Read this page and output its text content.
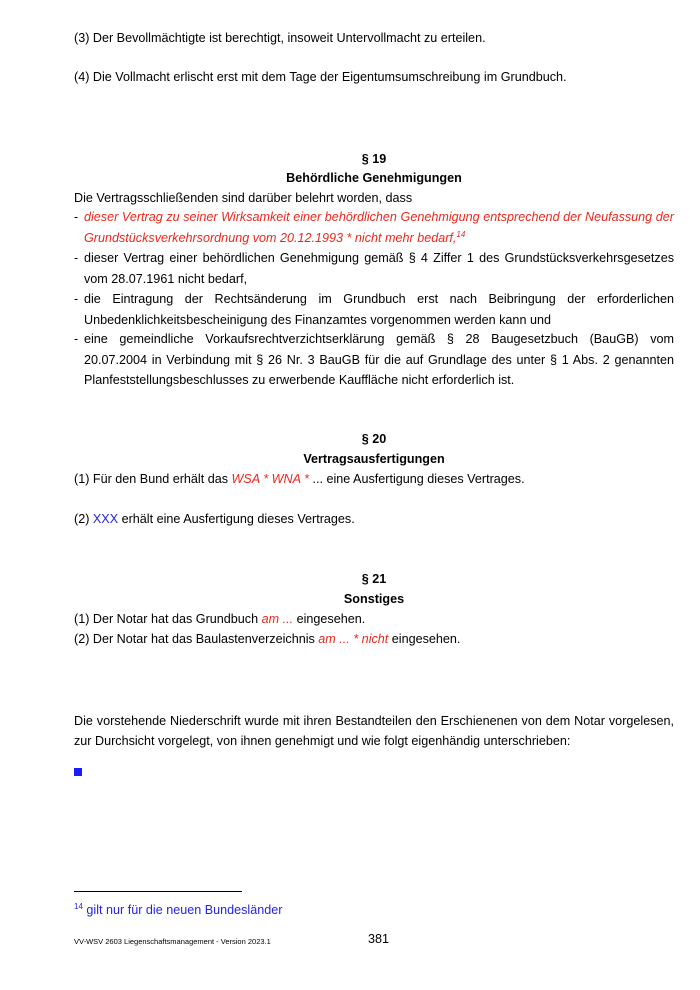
(3) Der Bevollmächtigte ist berechtigt, insoweit Untervollmacht zu erteilen.
(4) Die Vollmacht erlischt erst mit dem Tage der Eigentumsumschreibung im Grundbuch.
§ 19
Behördliche Genehmigungen
Die Vertragsschließenden sind darüber belehrt worden, dass
- dieser Vertrag zu seiner Wirksamkeit einer behördlichen Genehmigung entsprechend der Neufassung der Grundstücksverkehrsordnung vom 20.12.1993 * nicht mehr bedarf,$^{14}$
- dieser Vertrag einer behördlichen Genehmigung gemäß § 4 Ziffer 1 des Grundstücksverkehrsgesetzes vom 28.07.1961 nicht bedarf,
- die Eintragung der Rechtsänderung im Grundbuch erst nach Beibringung der erforderlichen Unbedenklichkeitsbescheinigung des Finanzamtes vorgenommen werden kann und
- eine gemeindliche Vorkaufsrechtverzichtserklärung gemäß § 28 Baugesetzbuch (BauGB) vom 20.07.2004 in Verbindung mit § 26 Nr. 3 BauGB für die auf Grundlage des unter § 1 Abs. 2 genannten Planfeststellungsbeschlusses zu erwerbende Kauffläche nicht erforderlich ist.
§ 20
Vertragsausfertigungen
(1) Für den Bund erhält das WSA * WNA * ... eine Ausfertigung dieses Vertrages.
(2) XXX erhält eine Ausfertigung dieses Vertrages.
§ 21
Sonstiges
(1) Der Notar hat das Grundbuch am ... eingesehen.
(2) Der Notar hat das Baulastenverzeichnis am ... * nicht eingesehen.
Die vorstehende Niederschrift wurde mit ihren Bestandteilen den Erschienenen von dem Notar vorgelesen, zur Durchsicht vorgelegt, von ihnen genehmigt und wie folgt eigenhändig unterschrieben:
$^{14}$ gilt nur für die neuen Bundesländer
VV-WSV 2603 Liegenschaftsmanagement - Version 2023.1	381
